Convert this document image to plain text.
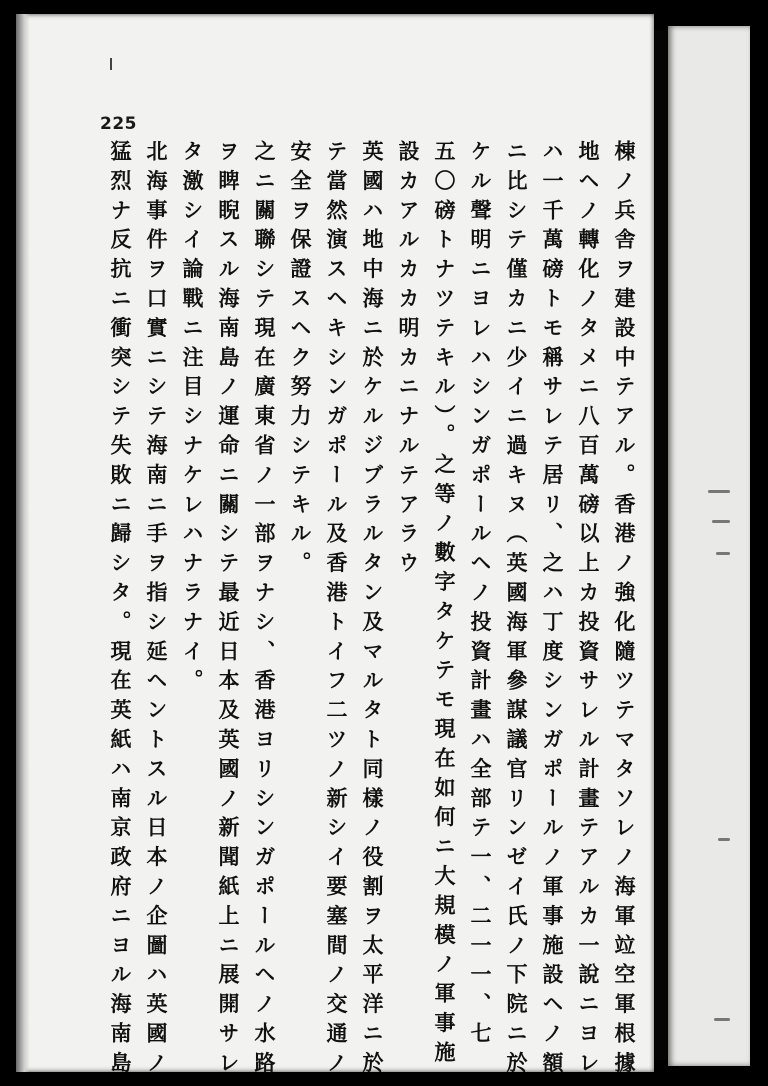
225
棟ノ兵舎ヲ建設中テアル。香港ノ強化隨ツテマタソレノ海軍竝空軍根據
地ヘノ轉化ノタメニ八百萬磅以上カ投資サレル計畫テアルカ一說ニヨレ
ハ一千萬磅トモ稱サレテ居リ、之ハ丁度シンガポールノ軍事施設ヘノ額
ニ比シテ僅カニ少イニ過キヌ（英國海軍參謀議官リンゼイ氏ノ下院ニ於
ケル聲明ニヨレハシンガポールヘノ投資計畫ハ全部テ一、二一一、七
五〇磅トナツテキル）。之等ノ數字タケテモ現在如何ニ大規模ノ軍事施
設カアルカカ明カニナルテアラウ
英國ハ地中海ニ於ケルジブラルタン及マルタト同樣ノ役割ヲ太平洋ニ於
テ當然演スヘキシンガポール及香港トイフ二ツノ新シイ要塞間ノ交通ノ
安全ヲ保證スヘク努力シテキル。
之ニ關聯シテ現在廣東省ノ一部ヲナシ、香港ヨリシンガポールヘノ水路
ヲ睥睨スル海南島ノ運命ニ關シテ最近日本及英國ノ新聞紙上ニ展開サレ
タ激シイ論戰ニ注目シナケレハナラナイ。
北海事件ヲ口實ニシテ海南ニ手ヲ指シ延ヘントスル日本ノ企圖ハ英國ノ
猛烈ナ反抗ニ衝突シテ失敗ニ歸シタ。現在英紙ハ南京政府ニヨル海南島
